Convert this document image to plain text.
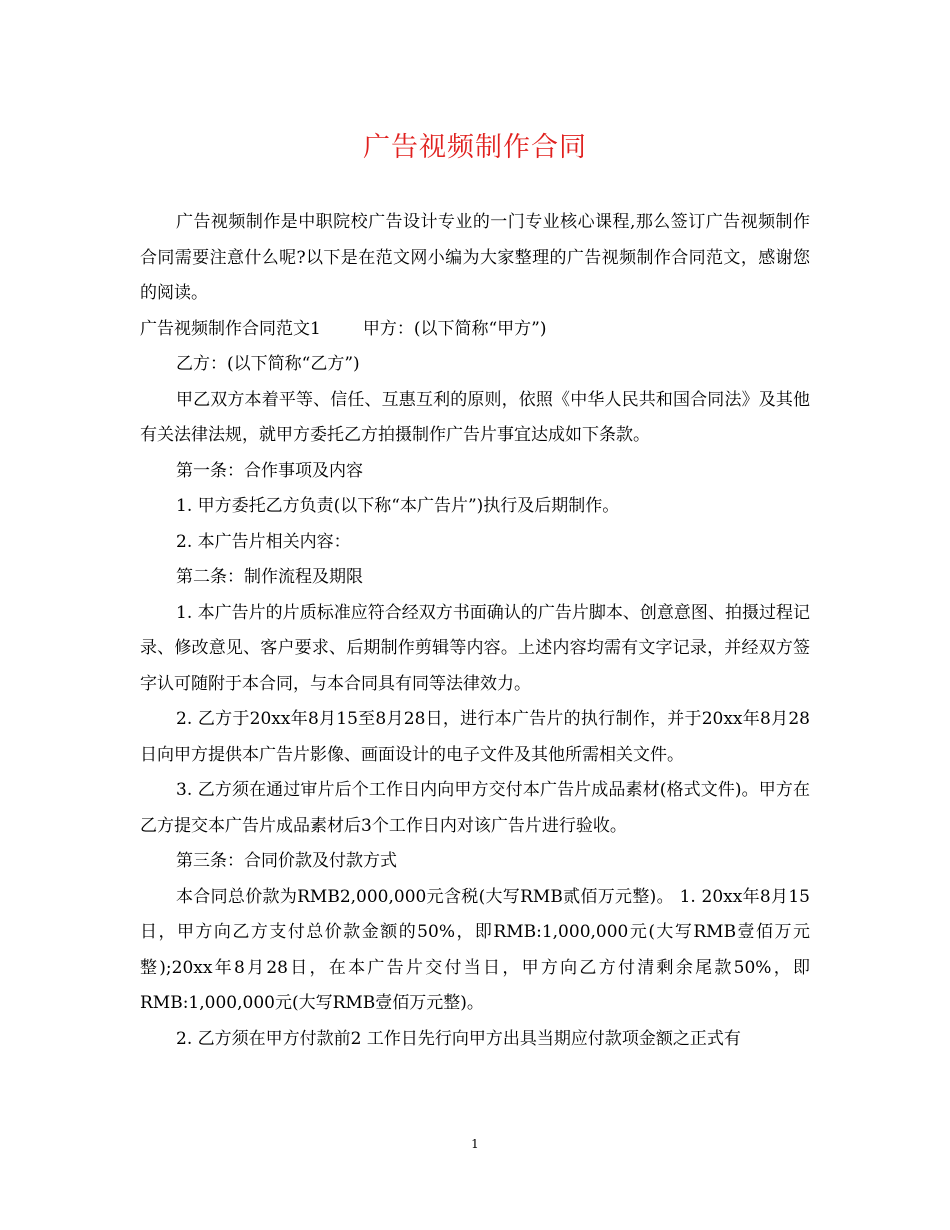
广告视频制作合同

广告视频制作是中职院校广告设计专业的一门专业核心课程,那么签订广告视频制作合同需要注意什么呢?以下是在范文网小编为大家整理的广告视频制作合同范文，感谢您的阅读。

广告视频制作合同范文1 甲方：(以下简称“甲方”)

乙方：(以下简称“乙方”)

甲乙双方本着平等、信任、互惠互利的原则，依照《中华人民共和国合同法》及其他有关法律法规，就甲方委托乙方拍摄制作广告片事宜达成如下条款。

第一条：合作事项及内容

1. 甲方委托乙方负责(以下称“本广告片”)执行及后期制作。

2. 本广告片相关内容：

第二条：制作流程及期限

1. 本广告片的片质标准应符合经双方书面确认的广告片脚本、创意意图、拍摄过程记录、修改意见、客户要求、后期制作剪辑等内容。上述内容均需有文字记录，并经双方签字认可随附于本合同，与本合同具有同等法律效力。

2. 乙方于20xx年8月15至8月28日，进行本广告片的执行制作，并于20xx年8月28日向甲方提供本广告片影像、画面设计的电子文件及其他所需相关文件。

3. 乙方须在通过审片后个工作日内向甲方交付本广告片成品素材(格式文件)。甲方在乙方提交本广告片成品素材后3个工作日内对该广告片进行验收。

第三条：合同价款及付款方式

本合同总价款为RMB2,000,000元含税(大写RMB贰佰万元整)。 1. 20xx年8月15日，甲方向乙方支付总价款金额的50%，即RMB:1,000,000元(大写RMB壹佰万元整);20xx年8月28日，在本广告片交付当日，甲方向乙方付清剩余尾款50%，即RMB:1,000,000元(大写RMB壹佰万元整)。

2. 乙方须在甲方付款前2 工作日先行向甲方出具当期应付款项金额之正式有

1
